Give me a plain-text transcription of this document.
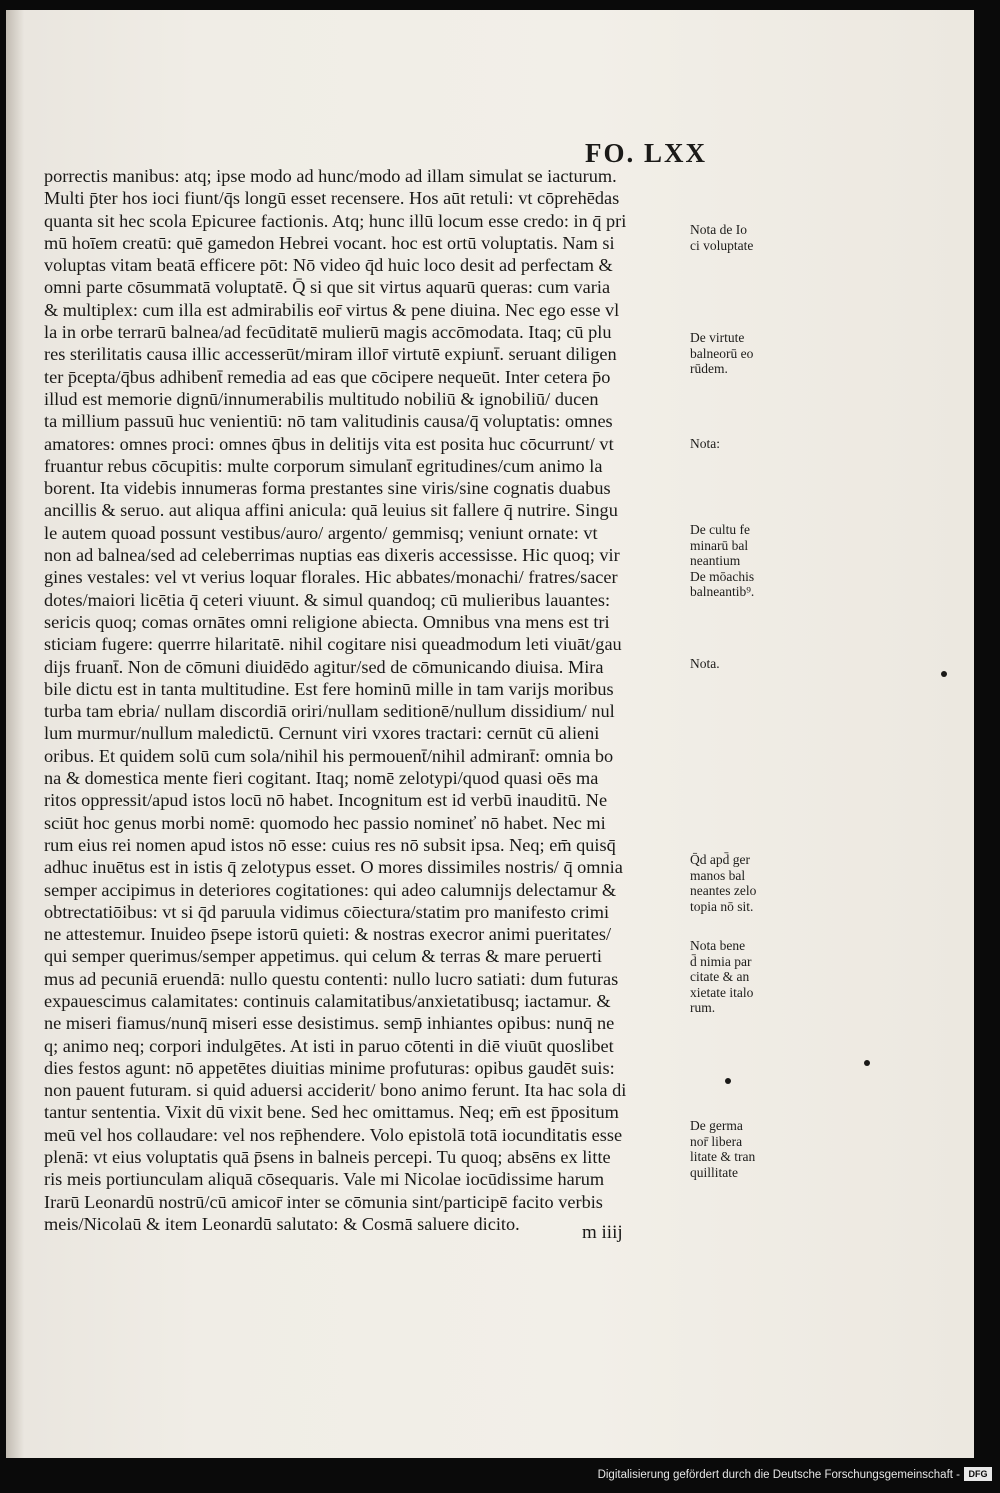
FO. LXX
porrectis manibus: atq; ipse modo ad hunc/modo ad illam simulat se iacturum.
Multi p̄ter hos ioci fiunt/q̄s longū esset recensere. Hos aūt retuli: vt cōprehēdas
quanta sit hec scola Epicuree factionis. Atq; hunc illū locum esse credo: in q̄ pri
mū hoīem creatū: quē gamedon Hebrei vocant. hoc est ortū voluptatis. Nam si
voluptas vitam beatā efficere pōt: Nō video q̄d huic loco desit ad perfectam &
omni parte cōsummatā voluptatē. Q̄ si que sit virtus aquarū queras: cum varia
& multiplex: cum illa est admirabilis eor̄ virtus & pene diuina. Nec ego esse vl
la in orbe terrarū balnea/ad fecūditatē mulierū magis accōmodata. Itaq; cū plu
res sterilitatis causa illic accesserūt/miram illor̄ virtutē expiunt̄. seruant diligen
ter p̄cepta/q̄bus adhibent̄ remedia ad eas que cōcipere nequeūt. Inter cetera p̄o
illud est memorie dignū/innumerabilis multitudo nobiliū & ignobiliū/ ducen
ta millium passuū huc venientiū: nō tam valitudinis causa/q̄ voluptatis: omnes
amatores: omnes proci: omnes q̄bus in delitijs vita est posita huc cōcurrunt/ vt
fruantur rebus cōcupitis: multe corporum simulant̄ egritudines/cum animo la
borent. Ita videbis innumeras forma prestantes sine viris/sine cognatis duabus
ancillis & seruo. aut aliqua affini anicula: quā leuius sit fallere q̄ nutrire. Singu
le autem quoad possunt vestibus/auro/ argento/ gemmisq; veniunt ornate: vt
non ad balnea/sed ad celeberrimas nuptias eas dixeris accessisse. Hic quoq; vir
gines vestales: vel vt verius loquar florales. Hic abbates/monachi/ fratres/sacer
dotes/maiori licētia q̄ ceteri viuunt. & simul quandoq; cū mulieribus lauantes:
sericis quoq; comas ornātes omni religione abiecta. Omnibus vna mens est tri
sticiam fugere: querrre hilaritatē. nihil cogitare nisi queadmodum leti viuāt/gau
dijs fruant̄. Non de cōmuni diuidēdo agitur/sed de cōmunicando diuisa. Mira
bile dictu est in tanta multitudine. Est fere hominū mille in tam varijs moribus
turba tam ebria/ nullam discordiā oriri/nullam seditionē/nullum dissidium/ nul
lum murmur/nullum maledictū. Cernunt viri vxores tractari: cernūt cū alieni
oribus. Et quidem solū cum sola/nihil his permouent̄/nihil admirant̄: omnia bo
na & domestica mente fieri cogitant. Itaq; nomē zelotypi/quod quasi oēs ma
ritos oppressit/apud istos locū nō habet. Incognitum est id verbū inauditū. Ne
sciūt hoc genus morbi nomē: quomodo hec passio nomineť nō habet. Nec mi
rum eius rei nomen apud istos nō esse: cuius res nō subsit ipsa. Neq; em̄ quisq̄
adhuc inuētus est in istis q̄ zelotypus esset. O mores dissimiles nostris/ q̄ omnia
semper accipimus in deteriores cogitationes: qui adeo calumnijs delectamur &
obtrectatiōibus: vt si q̄d paruula vidimus cōiectura/statim pro manifesto crimi
ne attestemur. Inuideo p̄sepe istorū quieti: & nostras execror animi pueritates/
qui semper querimus/semper appetimus. qui celum & terras & mare peruerti
mus ad pecuniā eruendā: nullo questu contenti: nullo lucro satiati: dum futuras
expauescimus calamitates: continuis calamitatibus/anxietatibusq; iactamur. &
ne miseri fiamus/nunq̄ miseri esse desistimus. semp̄ inhiantes opibus: nunq̄ ne
q; animo neq; corpori indulgētes. At isti in paruo cōtenti in diē viuūt quoslibet
dies festos agunt: nō appetētes diuitias minime profuturas: opibus gaudēt suis:
non pauent futuram. si quid aduersi acciderit/ bono animo ferunt. Ita hac sola di
tantur sententia. Vixit dū vixit bene. Sed hec omittamus. Neq; em̄ est p̄positum
meū vel hos collaudare: vel nos rep̄hendere. Volo epistolā totā iocunditatis esse
plenā: vt eius voluptatis quā p̄sens in balneis percepi. Tu quoq; absēns ex litte
ris meis portiunculam aliquā cōsequaris. Vale mi Nicolae iocūdissime harum
Irarū Leonardū nostrū/cū amicor̄ inter se cōmunia sint/participē facito verbis
meis/Nicolaū & item Leonardū salutato: & Cosmā saluere dicito.
Nota de Io
ci voluptate
De virtute
balneorū eo
rūdem.
Nota:
De cultu fe
minarū bal
neantium
De mōachis
balneantib⁹.
Nota.
Q̄d apd̄ ger
manos bal
neantes zelo
topia nō sit.
Nota bene
d̄ nimia par
citate & an
xietate italo
rum.
De germa
nor̄ libera
litate & tran
quillitate
m iiij
Digitalisierung gefördert durch die Deutsche Forschungsgemeinschaft - DFG
